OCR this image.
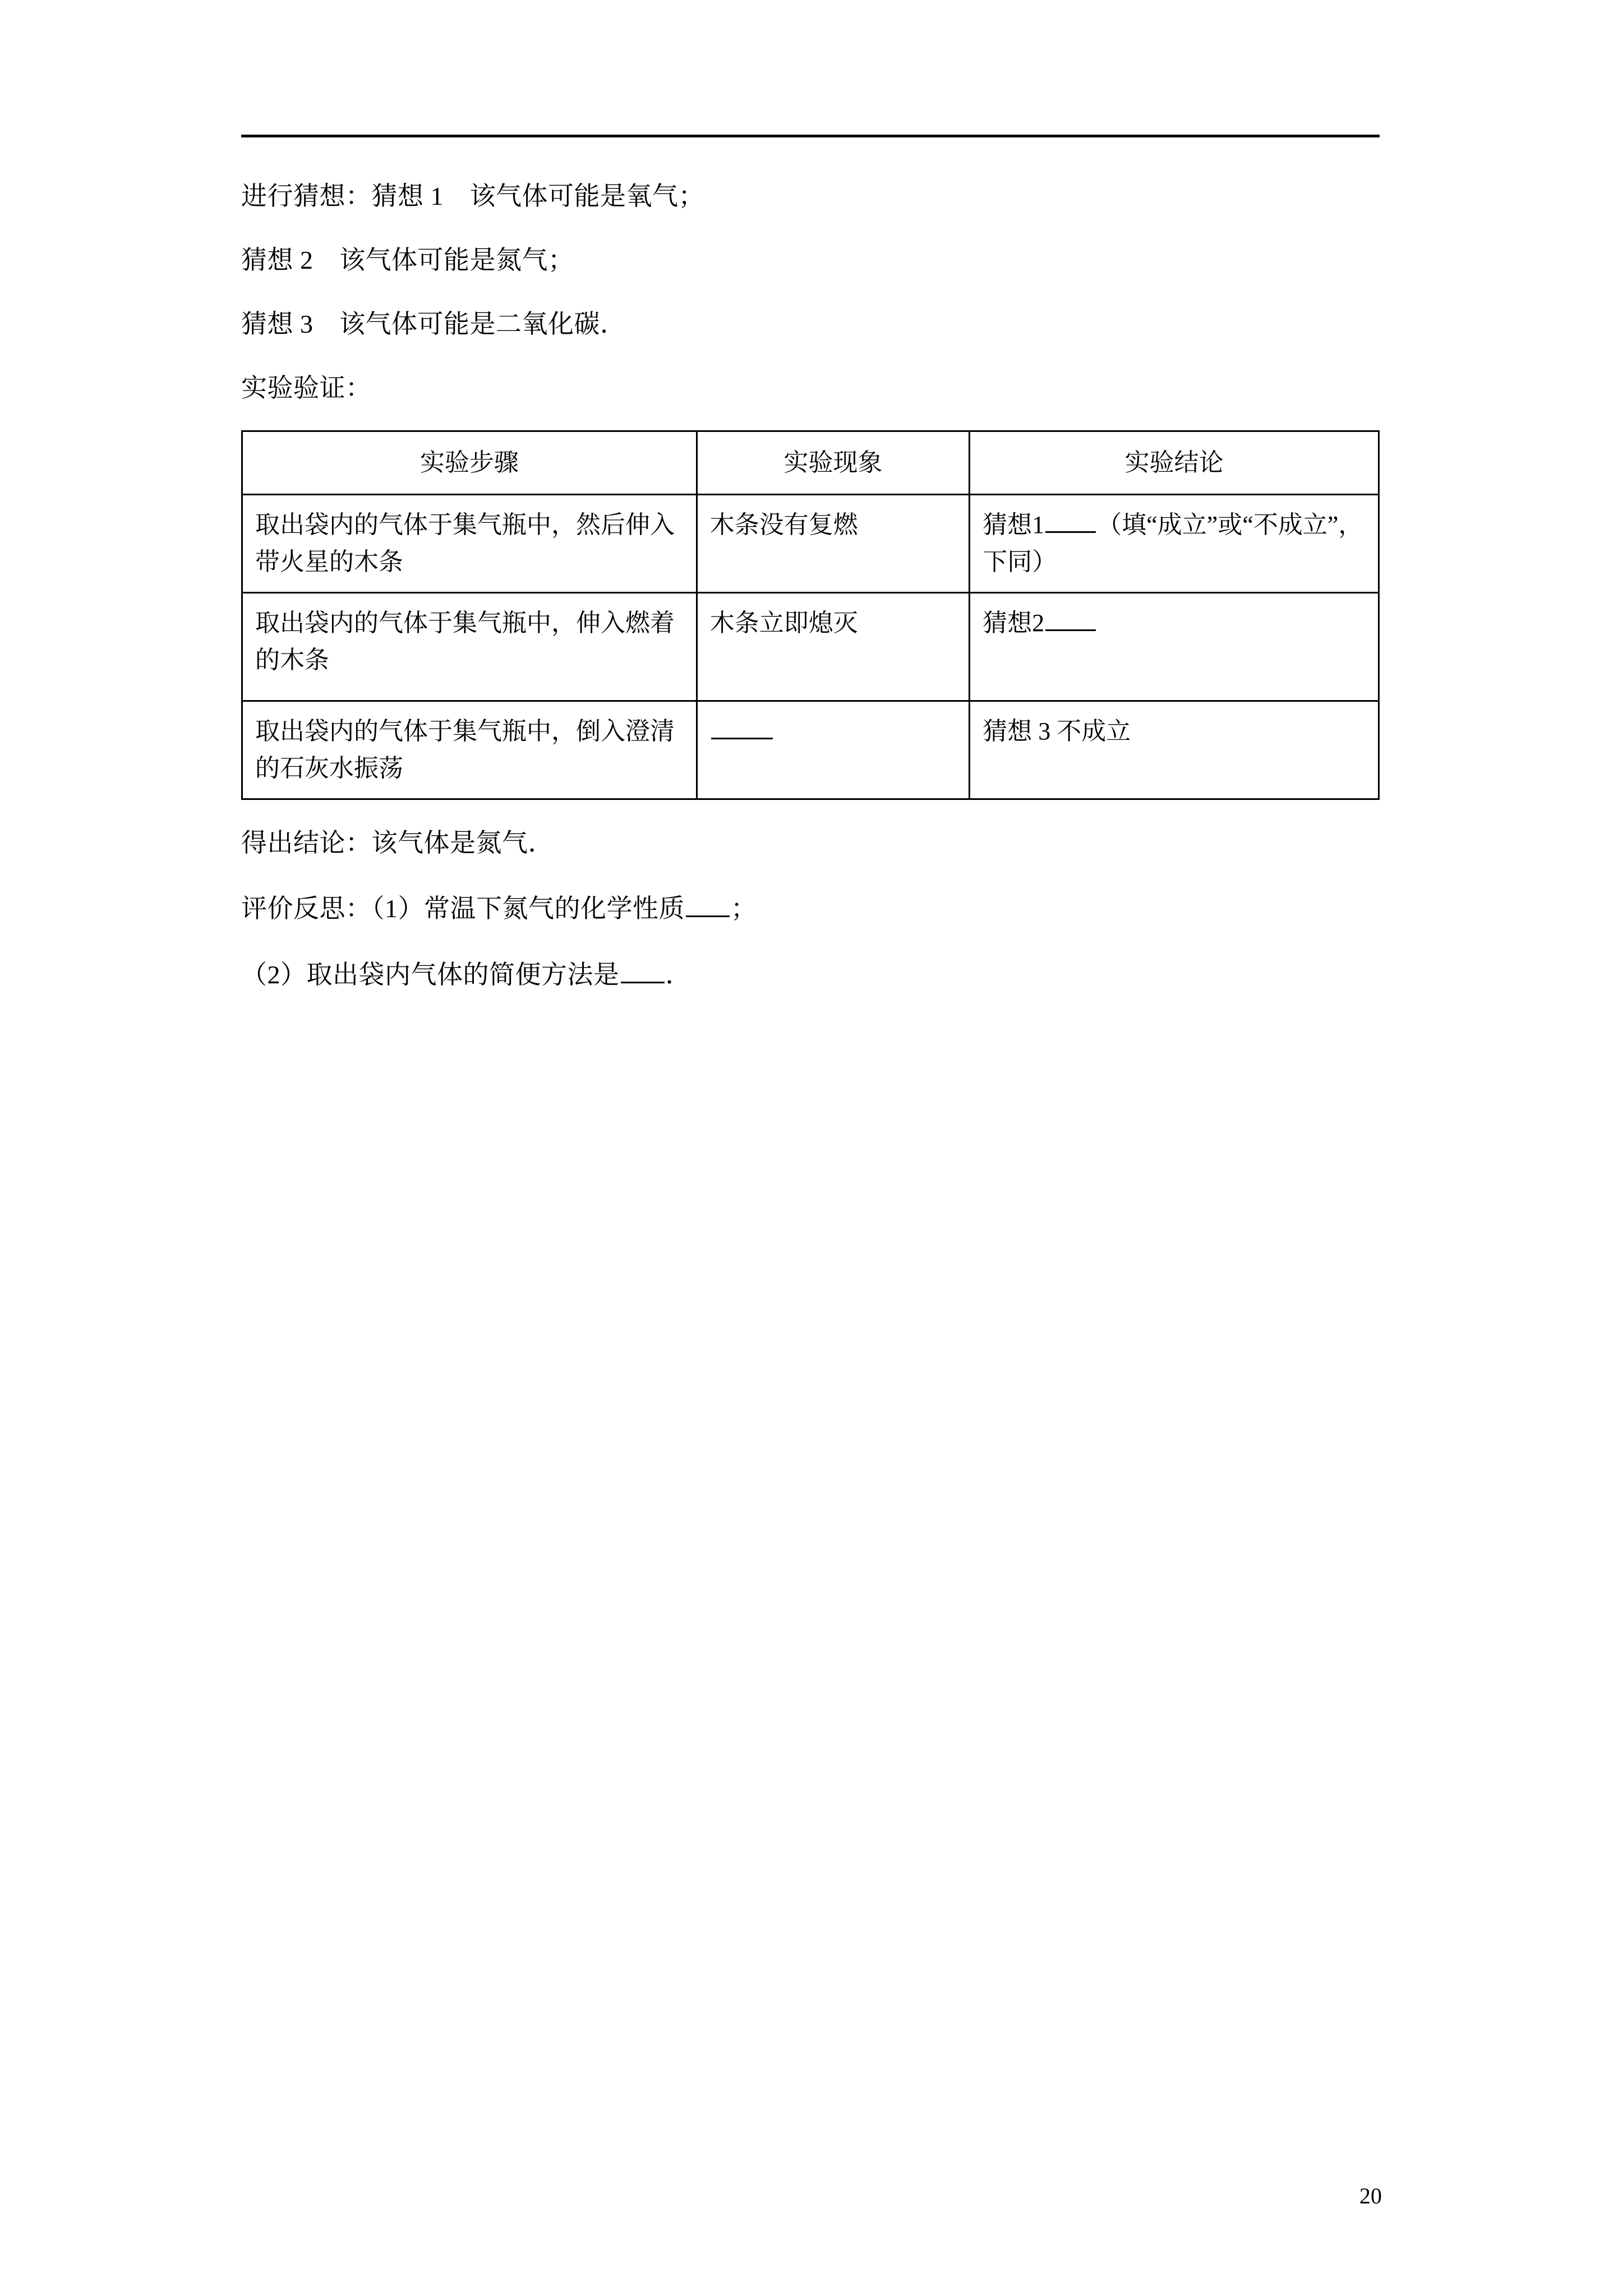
进行猜想：猜想 1　该气体可能是氧气；

猜想 2　该气体可能是氮气；

猜想 3　该气体可能是二氧化碳．

实验验证：

实验步骤	实验现象	实验结论
取出袋内的气体于集气瓶中，然后伸入带火星的木条	木条没有复燃	猜想1 （填“成立”或“不成立”，下同）
取出袋内的气体于集气瓶中，伸入燃着的木条	木条立即熄灭	猜想2
取出袋内的气体于集气瓶中，倒入澄清的石灰水振荡		猜想 3 不成立

得出结论：该气体是氮气．

评价反思：（1）常温下氮气的化学性质 ；

（2）取出袋内气体的简便方法是 ．

20
